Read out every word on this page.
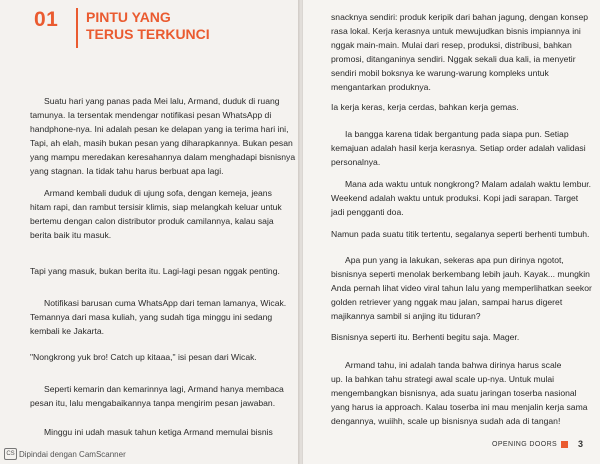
01 PINTU YANG
TERUS TERKUNCI

Suatu hari yang panas pada Mei lalu, Armand, duduk di ruang

tamunya. Ia tersentak mendengar notifikasi pesan WhatsApp di

handphone-nya. Ini adalah pesan ke delapan yang ia terima hari ini,

Tapi, ah elah, masih bukan pesan yang diharapkannya. Bukan pesan

yang mampu meredakan keresahannya dalam menghadapi bisnisnya

yang stagnan. Ia tidak tahu harus berbuat apa lagi.

Armand kembali duduk di ujung sofa, dengan kemeja, jeans

hitam rapi, dan rambut tersisir klimis, siap melangkah keluar untuk

bertemu dengan calon distributor produk camilannya, kalau saja

berita baik itu masuk.

Tapi yang masuk, bukan berita itu. Lagi-lagi pesan nggak penting.

Notifikasi barusan cuma WhatsApp dari teman lamanya, Wicak.

Temannya dari masa kuliah, yang sudah tiga minggu ini sedang

kembali ke Jakarta.

"Nongkrong yuk bro! Catch up kitaaa," isi pesan dari Wicak.

Seperti kemarin dan kemarinnya lagi, Armand hanya membaca

pesan itu, lalu mengabaikannya tanpa mengirim pesan jawaban.

Minggu ini udah masuk tahun ketiga Armand memulai bisnis

CS Dipindai dengan CamScanner

snacknya sendiri: produk keripik dari bahan jagung, dengan konsep

rasa lokal. Kerja kerasnya untuk mewujudkan bisnis impiannya ini

nggak main-main. Mulai dari resep, produksi, distribusi, bahkan

promosi, ditanganinya sendiri. Nggak sekali dua kali, ia menyetir

sendiri mobil boksnya ke warung-warung kompleks untuk

mengantarkan produknya.

Ia kerja keras, kerja cerdas, bahkan kerja gemas.

Ia bangga karena tidak bergantung pada siapa pun. Setiap

kemajuan adalah hasil kerja kerasnya. Setiap order adalah validasi

personalnya.

Mana ada waktu untuk nongkrong? Malam adalah waktu lembur.

Weekend adalah waktu untuk produksi. Kopi jadi sarapan. Target

jadi pengganti doa.

Namun pada suatu titik tertentu, segalanya seperti berhenti tumbuh.

Apa pun yang ia lakukan, sekeras apa pun dirinya ngotot,

bisnisnya seperti menolak berkembang lebih jauh. Kayak... mungkin

Anda pernah lihat video viral tahun lalu yang memperlihatkan seekor

golden retriever yang nggak mau jalan, sampai harus digeret

majikannya sambil si anjing itu tiduran?

Bisnisnya seperti itu. Berhenti begitu saja. Mager.

Armand tahu, ini adalah tanda bahwa dirinya harus scale

up. Ia bahkan tahu strategi awal scale up-nya. Untuk mulai

mengembangkan bisnisnya, ada suatu jaringan toserba nasional

yang harus ia approach. Kalau toserba ini mau menjalin kerja sama

dengannya, wuiihh, scale up bisnisnya sudah ada di tangan!

OPENING DOORS 3
